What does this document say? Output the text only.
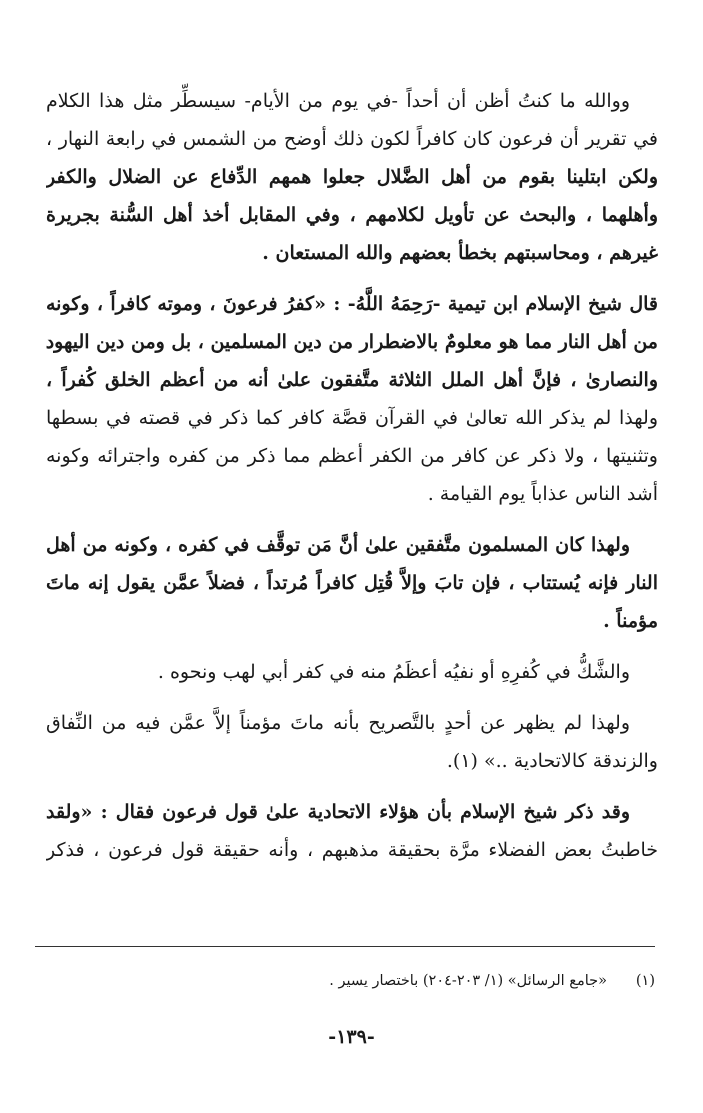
ووالله ما كنتُ أظن أن أحداً -في يوم من الأيام- سيسطِّر مثل هذا الكلام

في تقرير أن فرعون كان كافراً لكون ذلك أوضح من الشمس في رابعة النهار ،

ولكن ابتلينا بقوم من أهل الضَّلال جعلوا همهم الدِّفاع عن الضلال والكفر

وأهلهما ، والبحث عن تأويل لكلامهم ، وفي المقابل أخذ أهل السُّنة بجريرة

غيرهم ، ومحاسبتهم بخطأ بعضهم والله المستعان .

قال شيخ الإسلام ابن تيمية -رَحِمَهُ اللَّهُ- : «كفرُ فرعونَ ، وموته كافراً ، وكونه

من أهل النار مما هو معلومٌ بالاضطرار من دين المسلمين ، بل ومن دين اليهود

والنصارىٰ ، فإنَّ أهل الملل الثلاثة متَّفقون علىٰ أنه من أعظم الخلق كُفراً ،

ولهذا لم يذكر الله تعالىٰ في القرآن قصَّة كافر كما ذكر في قصته في بسطها

وتثنيتها ، ولا ذكر عن كافر من الكفر أعظم مما ذكر من كفره واجترائه وكونه

أشد الناس عذاباً يوم القيامة .

ولهذا كان المسلمون متَّفقين علىٰ أنَّ مَن توقَّف في كفره ، وكونه من أهل

النار فإنه يُستتاب ، فإن تابَ وإلاَّ قُتِل كافراً مُرتداً ، فضلاً عمَّن يقول إنه ماتَ

مؤمناً .

والشَّكُّ في كُفرِهِ أو نفيُه أعظَمُ منه في كفر أبي لهب ونحوه .

ولهذا لم يظهر عن أحدٍ بالتَّصريح بأنه ماتَ مؤمناً إلاَّ عمَّن فيه من النِّفاق

والزندقة كالاتحادية ..» (١).

وقد ذكر شيخ الإسلام بأن هؤلاء الاتحادية علىٰ قول فرعون فقال : «ولقد

خاطبتُ بعض الفضلاء مرَّة بحقيقة مذهبهم ، وأنه حقيقة قول فرعون ، فذكر

(١)«جامع الرسائل» (١/ ٢٠٣-٢٠٤) باختصار يسير .
-١٣٩-
